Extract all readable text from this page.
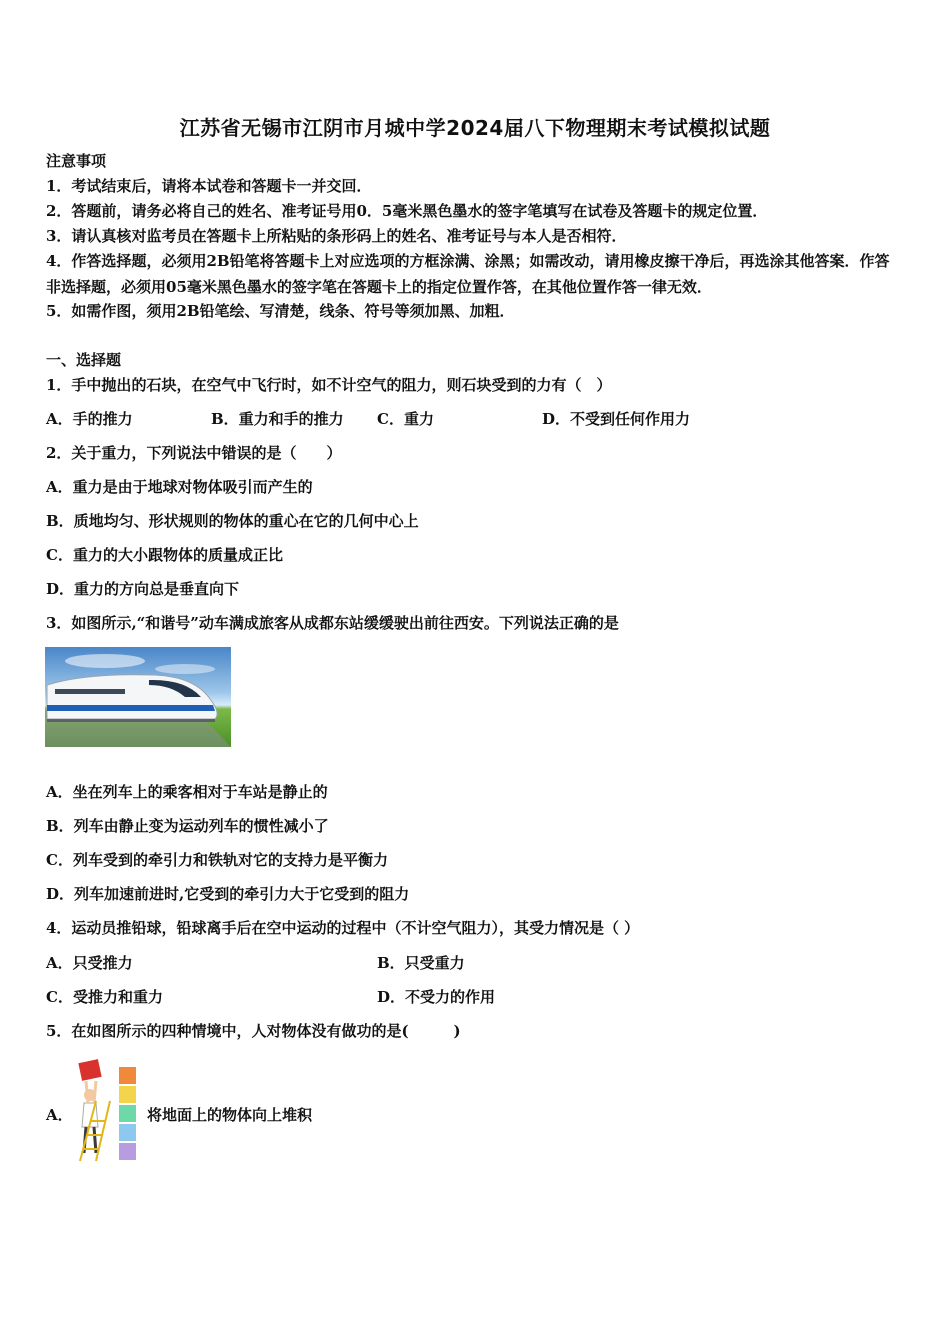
江苏省无锡市江阴市月城中学2024届八下物理期末考试模拟试题
注意事项
1．考试结束后，请将本试卷和答题卡一并交回．
2．答题前，请务必将自己的姓名、准考证号用0．5毫米黑色墨水的签字笔填写在试卷及答题卡的规定位置．
3．请认真核对监考员在答题卡上所粘贴的条形码上的姓名、准考证号与本人是否相符．
4．作答选择题，必须用2B铅笔将答题卡上对应选项的方框涂满、涂黑；如需改动，请用橡皮擦干净后，再选涂其他答案．作答非选择题，必须用05毫米黑色墨水的签字笔在答题卡上的指定位置作答，在其他位置作答一律无效．
5．如需作图，须用2B铅笔绘、写清楚，线条、符号等须加黑、加粗．
一、选择题
1．手中抛出的石块，在空气中飞行时，如不计空气的阻力，则石块受到的力有（　）
A．手的推力	B．重力和手的推力 C．重力	D．不受到任何作用力
2．关于重力，下列说法中错误的是（　　）
A．重力是由于地球对物体吸引而产生的
B．质地均匀、形状规则的物体的重心在它的几何中心上
C．重力的大小跟物体的质量成正比
D．重力的方向总是垂直向下
3．如图所示,“和谐号”动车满成旅客从成都东站缓缓驶出前往西安。下列说法正确的是
A．坐在列车上的乘客相对于车站是静止的
B．列车由静止变为运动列车的惯性减小了
C．列车受到的牵引力和铁轨对它的支持力是平衡力
D．列车加速前进时,它受到的牵引力大于它受到的阻力
4．运动员推铅球，铅球离手后在空中运动的过程中（不计空气阻力），其受力情况是（ ）
A．只受推力	B．只受重力
C．受推力和重力	D．不受力的作用
5．在如图所示的四种情境中，人对物体没有做功的是(　　　)
A．	将地面上的物体向上堆积
